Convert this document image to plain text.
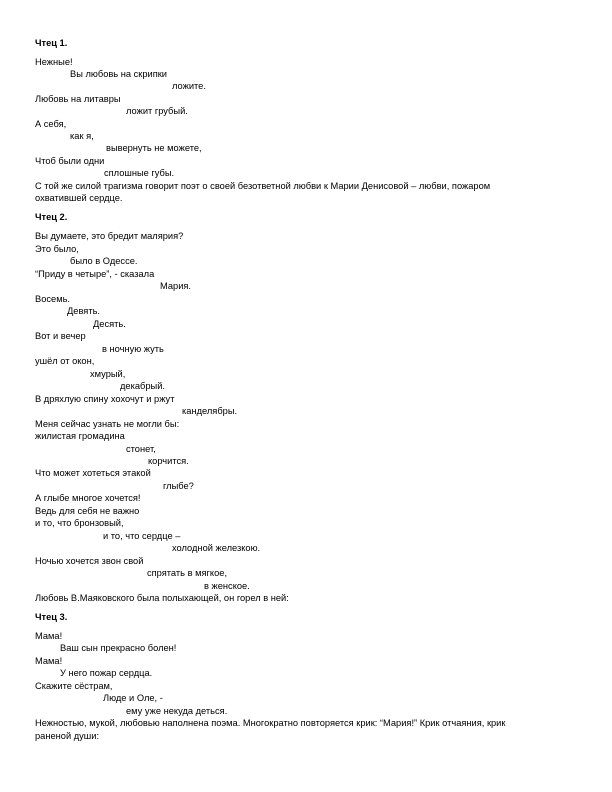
Чтец 1.
Нежные!
Вы любовь на скрипки
ложите.
Любовь на литавры
ложит грубый.
А себя,
как я,
вывернуть не можете,
Чтоб были одни
сплошные губы.
С той же силой трагизма говорит поэт о своей безответной любви к Марии Денисовой – любви, пожаром
охватившей сердце.
Чтец 2.
Вы думаете, это бредит малярия?
Это было,
было в Одессе.
“Приду в четыре”, - сказала
Мария.
Восемь.
Девять.
Десять.
Вот и вечер
в ночную жуть
ушёл от окон,
хмурый,
декабрый.
В дряхлую спину хохочут и ржут
канделябры.
Меня сейчас узнать не могли бы:
жилистая громадина
стонет,
корчится.
Что может хотеться этакой
глыбе?
А глыбе многое хочется!
Ведь для себя не важно
и то, что бронзовый,
и то, что сердце –
холодной железкою.
Ночью хочется звон свой
спрятать в мягкое,
в женское.
Любовь В.Маяковского была полыхающей, он горел в ней:
Чтец 3.
Мама!
Ваш сын прекрасно болен!
Мама!
У него пожар сердца.
Скажите сёстрам,
Люде и Оле, -
ему уже некуда деться.
Нежностью, мукой, любовью наполнена поэма. Многократно повторяется крик: “Мария!” Крик отчаяния, крик
раненой души:
